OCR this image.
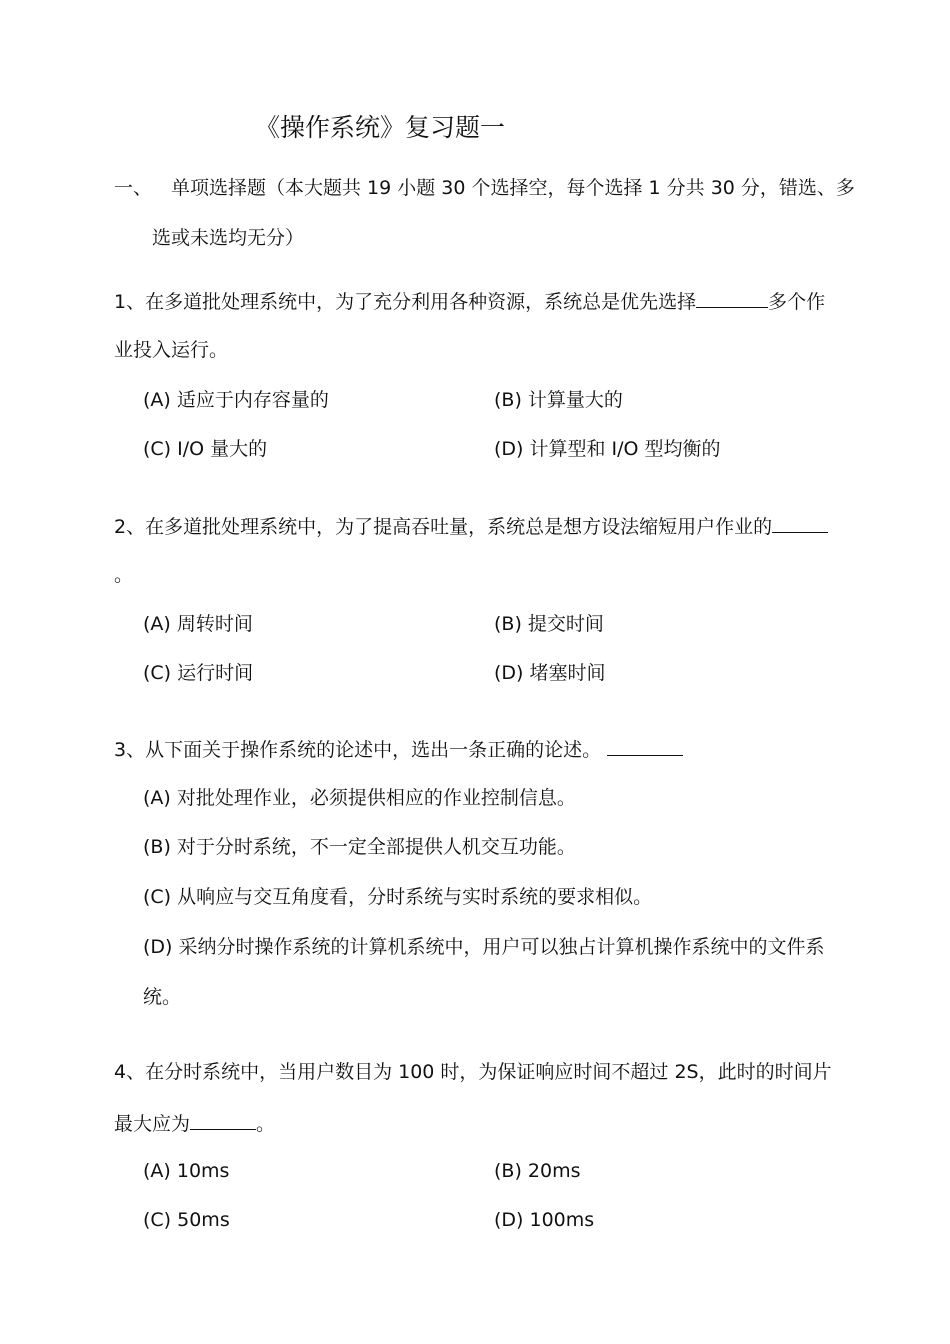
《操作系统》复习题一
一、 单项选择题（本大题共 19 小题 30 个选择空，每个选择 1 分共 30 分，错选、多
选或未选均无分）
1、在多道批处理系统中，为了充分利用各种资源，系统总是优先选择	多个作
业投入运行。
(A) 适应于内存容量的	(B) 计算量大的
(C) I/O 量大的	(D) 计算型和 I/O 型均衡的
2、在多道批处理系统中，为了提高吞吐量，系统总是想方设法缩短用户作业的
。
(A) 周转时间	(B) 提交时间
(C) 运行时间	(D) 堵塞时间
3、从下面关于操作系统的论述中，选出一条正确的论述。
(A) 对批处理作业，必须提供相应的作业控制信息。
(B) 对于分时系统，不一定全部提供人机交互功能。
(C) 从响应与交互角度看，分时系统与实时系统的要求相似。
(D) 采纳分时操作系统的计算机系统中，用户可以独占计算机操作系统中的文件系
统。
4、在分时系统中，当用户数目为 100 时，为保证响应时间不超过 2S，此时的时间片
最大应为	。
(A) 10ms	(B) 20ms
(C) 50ms	(D) 100ms
